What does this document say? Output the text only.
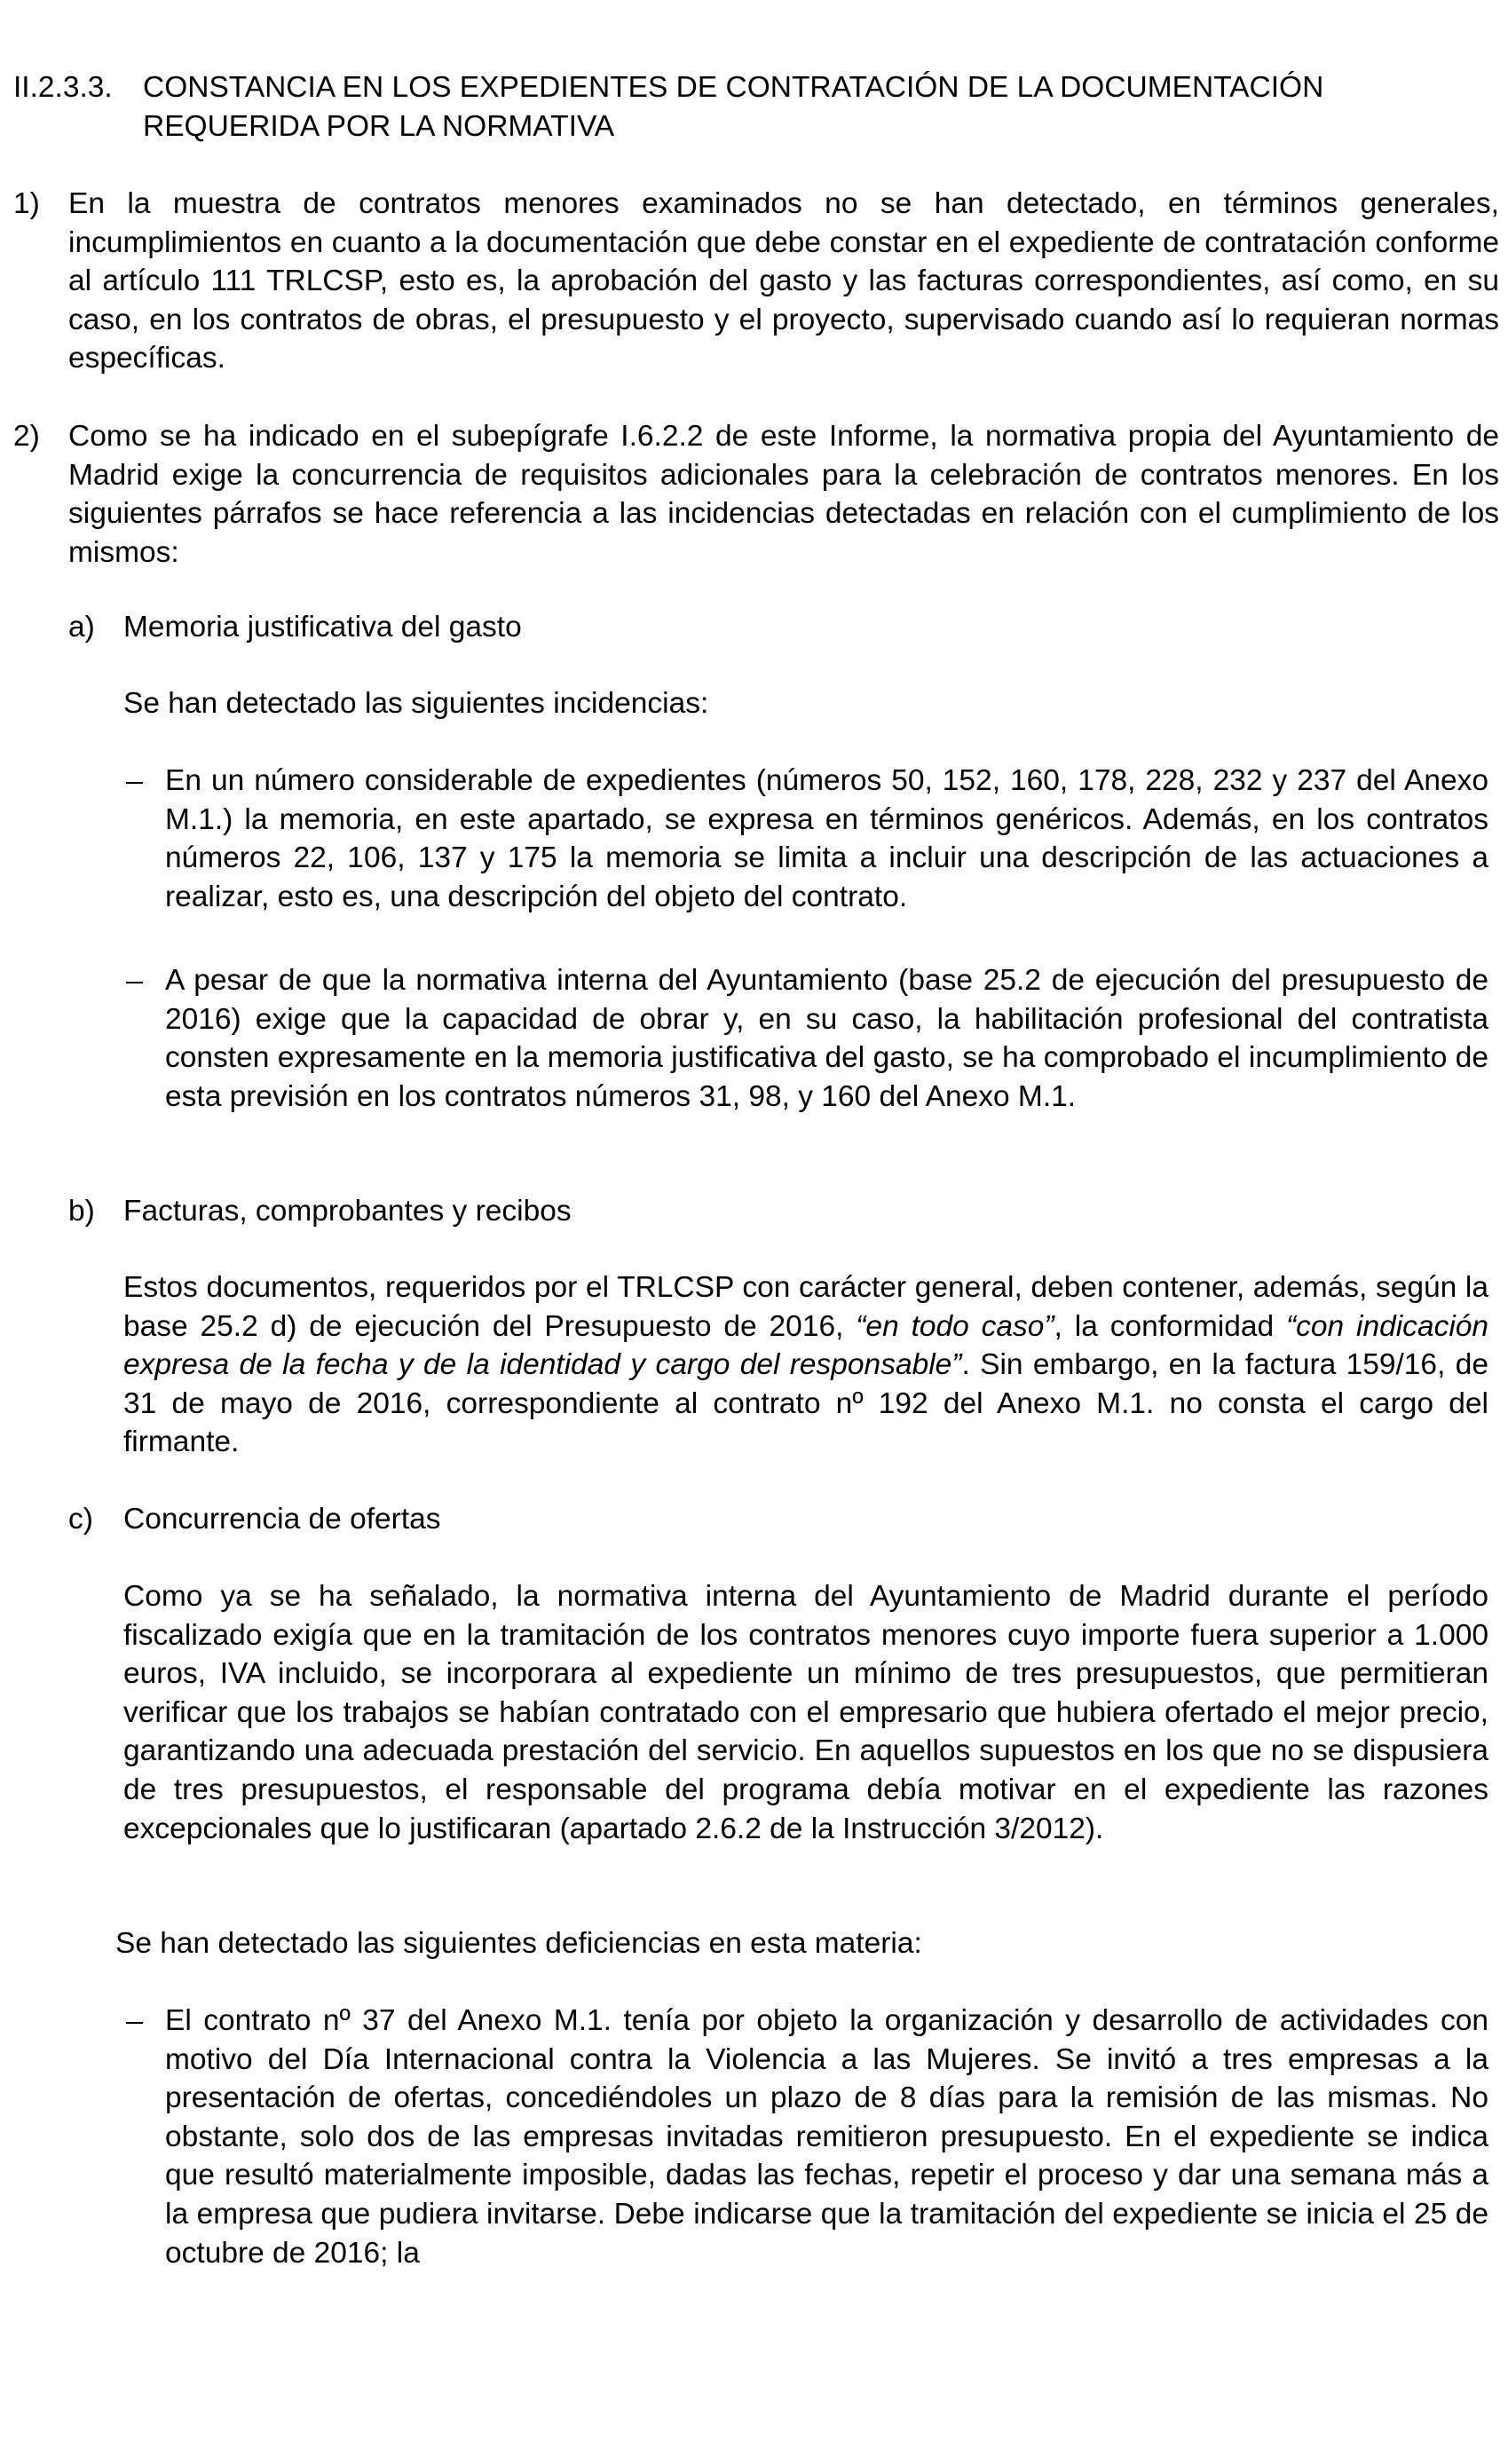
II.2.3.3. CONSTANCIA EN LOS EXPEDIENTES DE CONTRATACIÓN DE LA DOCUMENTACIÓN
REQUERIDA POR LA NORMATIVA
1) En la muestra de contratos menores examinados no se han detectado, en términos generales, incumplimientos en cuanto a la documentación que debe constar en el expediente de contratación conforme al artículo 111 TRLCSP, esto es, la aprobación del gasto y las facturas correspondientes, así como, en su caso, en los contratos de obras, el presupuesto y el proyecto, supervisado cuando así lo requieran normas específicas.
2) Como se ha indicado en el subepígrafe I.6.2.2 de este Informe, la normativa propia del Ayuntamiento de Madrid exige la concurrencia de requisitos adicionales para la celebración de contratos menores. En los siguientes párrafos se hace referencia a las incidencias detectadas en relación con el cumplimiento de los mismos:
a) Memoria justificativa del gasto
Se han detectado las siguientes incidencias:
En un número considerable de expedientes (números 50, 152, 160, 178, 228, 232 y 237 del Anexo M.1.) la memoria, en este apartado, se expresa en términos genéricos. Además, en los contratos números 22, 106, 137 y 175 la memoria se limita a incluir una descripción de las actuaciones a realizar, esto es, una descripción del objeto del contrato.
A pesar de que la normativa interna del Ayuntamiento (base 25.2 de ejecución del presupuesto de 2016) exige que la capacidad de obrar y, en su caso, la habilitación profesional del contratista consten expresamente en la memoria justificativa del gasto, se ha comprobado el incumplimiento de esta previsión en los contratos números 31, 98, y 160 del Anexo M.1.
b) Facturas, comprobantes y recibos
Estos documentos, requeridos por el TRLCSP con carácter general, deben contener, además, según la base 25.2 d) de ejecución del Presupuesto de 2016, “en todo caso”, la conformidad “con indicación expresa de la fecha y de la identidad y cargo del responsable”. Sin embargo, en la factura 159/16, de 31 de mayo de 2016, correspondiente al contrato nº 192 del Anexo M.1. no consta el cargo del firmante.
c) Concurrencia de ofertas
Como ya se ha señalado, la normativa interna del Ayuntamiento de Madrid durante el período fiscalizado exigía que en la tramitación de los contratos menores cuyo importe fuera superior a 1.000 euros, IVA incluido, se incorporara al expediente un mínimo de tres presupuestos, que permitieran verificar que los trabajos se habían contratado con el empresario que hubiera ofertado el mejor precio, garantizando una adecuada prestación del servicio. En aquellos supuestos en los que no se dispusiera de tres presupuestos, el responsable del programa debía motivar en el expediente las razones excepcionales que lo justificaran (apartado 2.6.2 de la Instrucción 3/2012).
Se han detectado las siguientes deficiencias en esta materia:
El contrato nº 37 del Anexo M.1. tenía por objeto la organización y desarrollo de actividades con motivo del Día Internacional contra la Violencia a las Mujeres. Se invitó a tres empresas a la presentación de ofertas, concediéndoles un plazo de 8 días para la remisión de las mismas. No obstante, solo dos de las empresas invitadas remitieron presupuesto. En el expediente se indica que resultó materialmente imposible, dadas las fechas, repetir el proceso y dar una semana más a la empresa que pudiera invitarse. Debe indicarse que la tramitación del expediente se inicia el 25 de octubre de 2016; la
